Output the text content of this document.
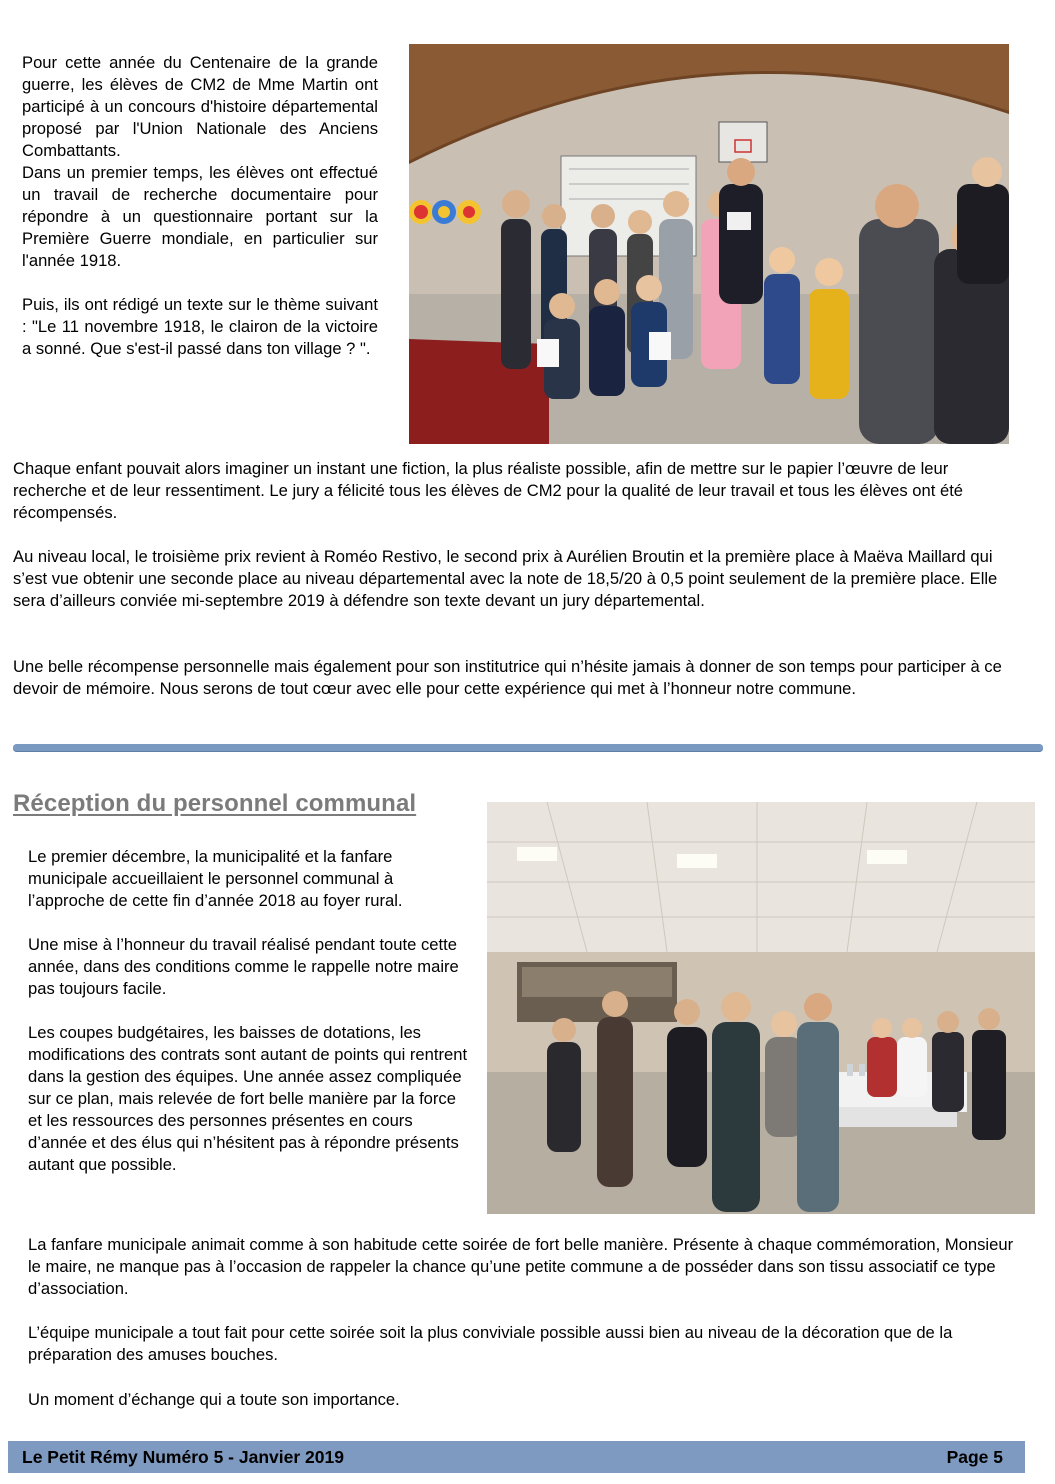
Pour cette année du Centenaire de la grande guerre, les élèves de CM2 de Mme Martin ont participé à un concours d'histoire départemental proposé par l'Union Nationale des Anciens Combattants.

Dans un premier temps, les élèves ont effectué un travail de recherche documentaire pour répondre à un questionnaire portant sur la Première Guerre mondiale, en particulier sur l'année 1918.

Puis, ils ont rédigé un texte sur le thème suivant : "Le 11 novembre 1918, le clairon de la victoire a sonné. Que s'est-il passé dans ton village ? ".

Chaque enfant pouvait alors imaginer un instant une fiction, la plus réaliste possible, afin de mettre sur le papier l’œuvre de leur recherche et de leur ressentiment. Le jury a félicité tous les élèves de CM2 pour la qualité de leur travail et tous les élèves ont été récompensés.

Au niveau local, le troisième prix revient à Roméo Restivo, le second prix à Aurélien Broutin et la première place à Maëva Maillard qui s’est vue obtenir une seconde place au niveau départemental avec la note de 18,5/20 à 0,5 point seulement de la première place. Elle sera d’ailleurs conviée mi-septembre 2019 à défendre son texte devant un jury départemental.

Une belle récompense personnelle mais également pour son institutrice qui n’hésite jamais à donner de son temps pour participer à ce devoir de mémoire. Nous serons de tout cœur avec elle pour cette expérience qui met à l’honneur notre commune.

Réception du personnel communal

Le premier décembre, la municipalité et la fanfare municipale accueillaient le personnel communal à l’approche de cette fin d’année 2018 au foyer rural.

Une mise à l’honneur du travail réalisé pendant toute cette année, dans des conditions comme le rappelle notre maire pas toujours facile.

Les coupes budgétaires, les baisses de dotations, les modifications des contrats sont autant de points qui rentrent dans la gestion des équipes. Une année assez compliquée sur ce plan, mais relevée de fort belle manière par la force et les ressources des personnes présentes en cours d’année et des élus qui n’hésitent pas à répondre présents autant que possible.

La fanfare municipale animait comme à son habitude cette soirée de fort belle manière. Présente à chaque commémoration, Monsieur le maire, ne manque pas à l’occasion de rappeler la chance qu’une petite commune a de posséder dans son tissu associatif ce type d’association.

L’équipe municipale a tout fait pour cette soirée soit la plus conviviale possible aussi bien au niveau de la décoration que de la préparation des amuses bouches.

Un moment d’échange qui a toute son importance.

Le Petit Rémy Numéro 5 - Janvier 2019	Page 5
